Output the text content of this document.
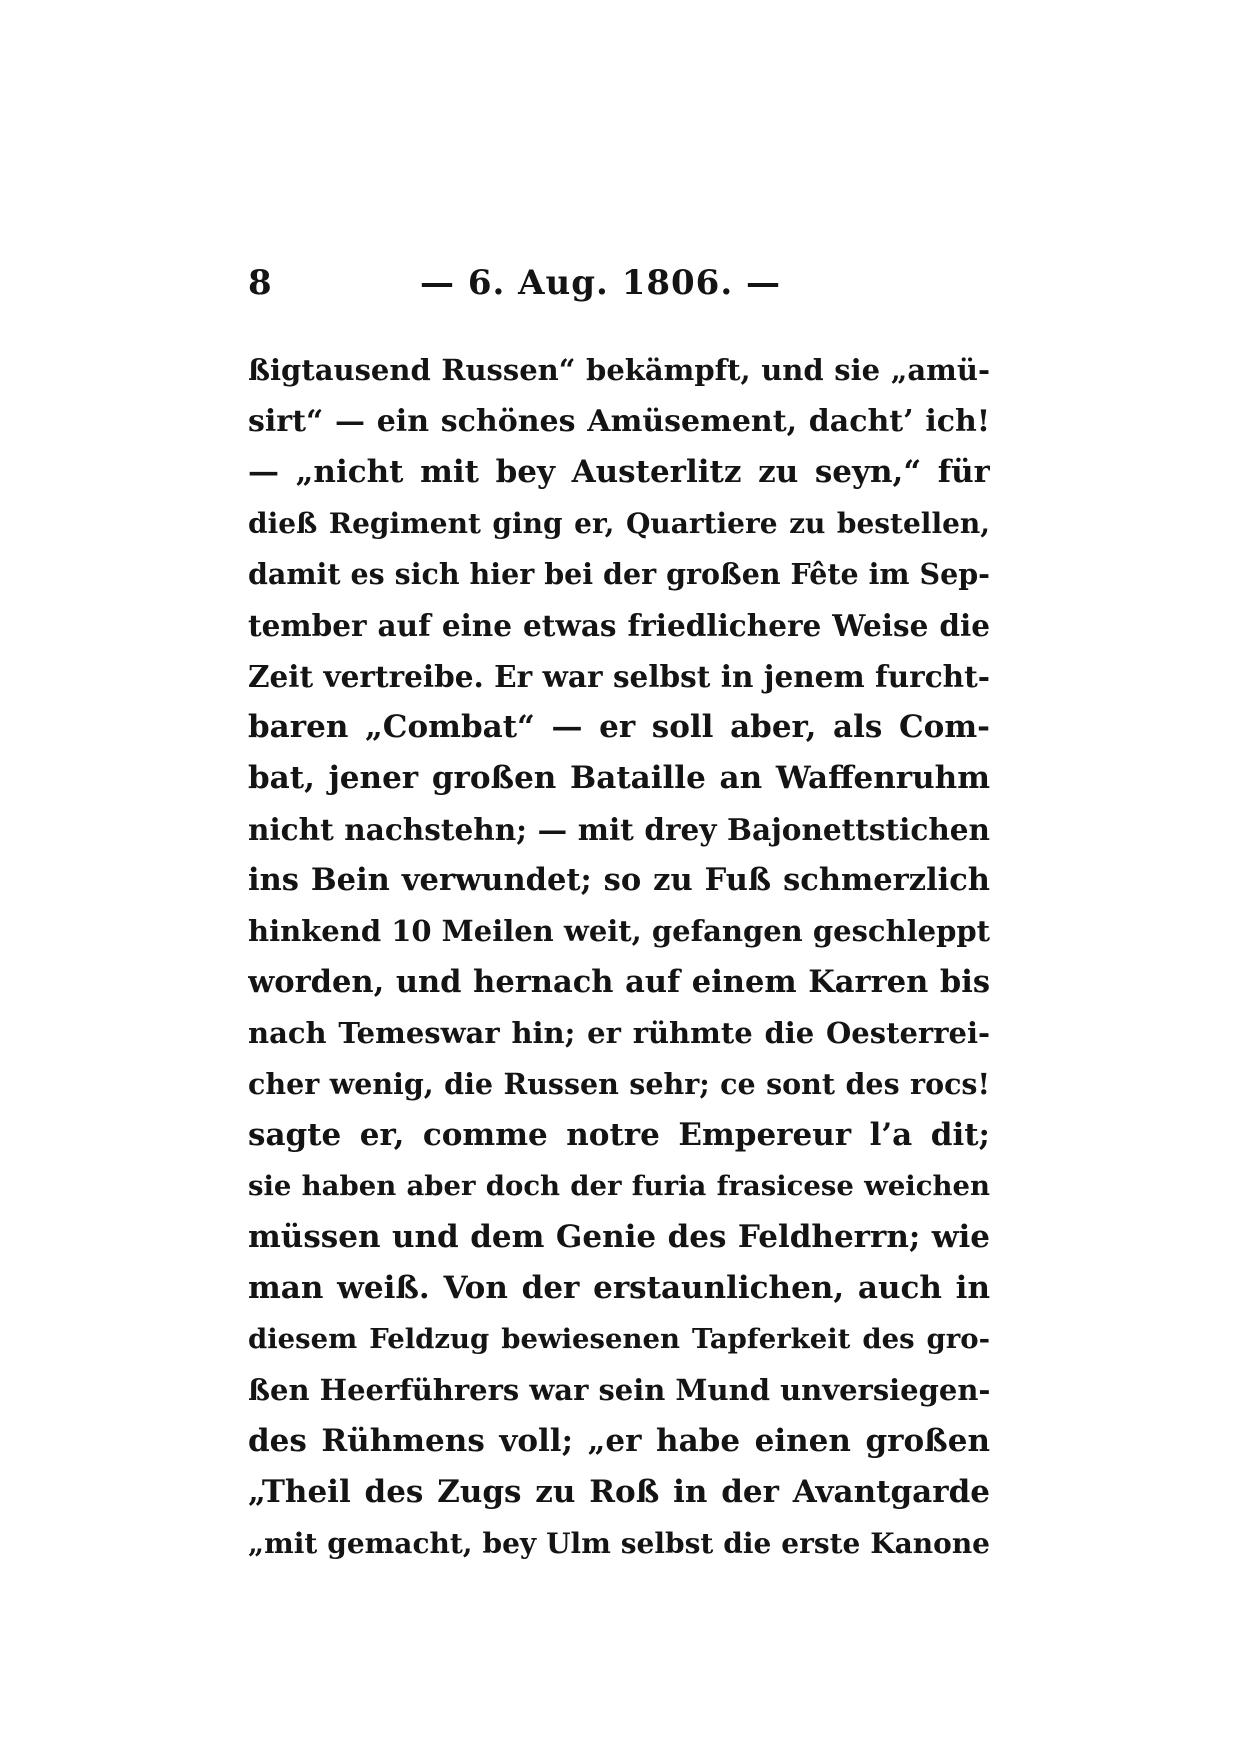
8	— 6. Aug. 1806. —
ßigtausend Russen“ bekämpft, und sie „amü-
sirt“ — ein schönes Amüsement, dacht’ ich!
— „nicht mit bey Austerlitz zu seyn,“ für
dieß Regiment ging er, Quartiere zu bestellen,
damit es sich hier bei der großen Fête im Sep-
tember auf eine etwas friedlichere Weise die
Zeit vertreibe. Er war selbst in jenem furcht-
baren „Combat“ — er soll aber, als Com-
bat, jener großen Bataille an Waffenruhm
nicht nachstehn; — mit drey Bajonettstichen
ins Bein verwundet; so zu Fuß schmerzlich
hinkend 10 Meilen weit, gefangen geschleppt
worden, und hernach auf einem Karren bis
nach Temeswar hin; er rühmte die Oesterrei-
cher wenig, die Russen sehr; ce sont des rocs!
sagte er, comme notre Empereur l’a dit;
sie haben aber doch der furia frasicese weichen
müssen und dem Genie des Feldherrn; wie
man weiß. Von der erstaunlichen, auch in
diesem Feldzug bewiesenen Tapferkeit des gro-
ßen Heerführers war sein Mund unversiegen-
des Rühmens voll; „er habe einen großen
„Theil des Zugs zu Roß in der Avantgarde
„mit gemacht, bey Ulm selbst die erste Kanone
